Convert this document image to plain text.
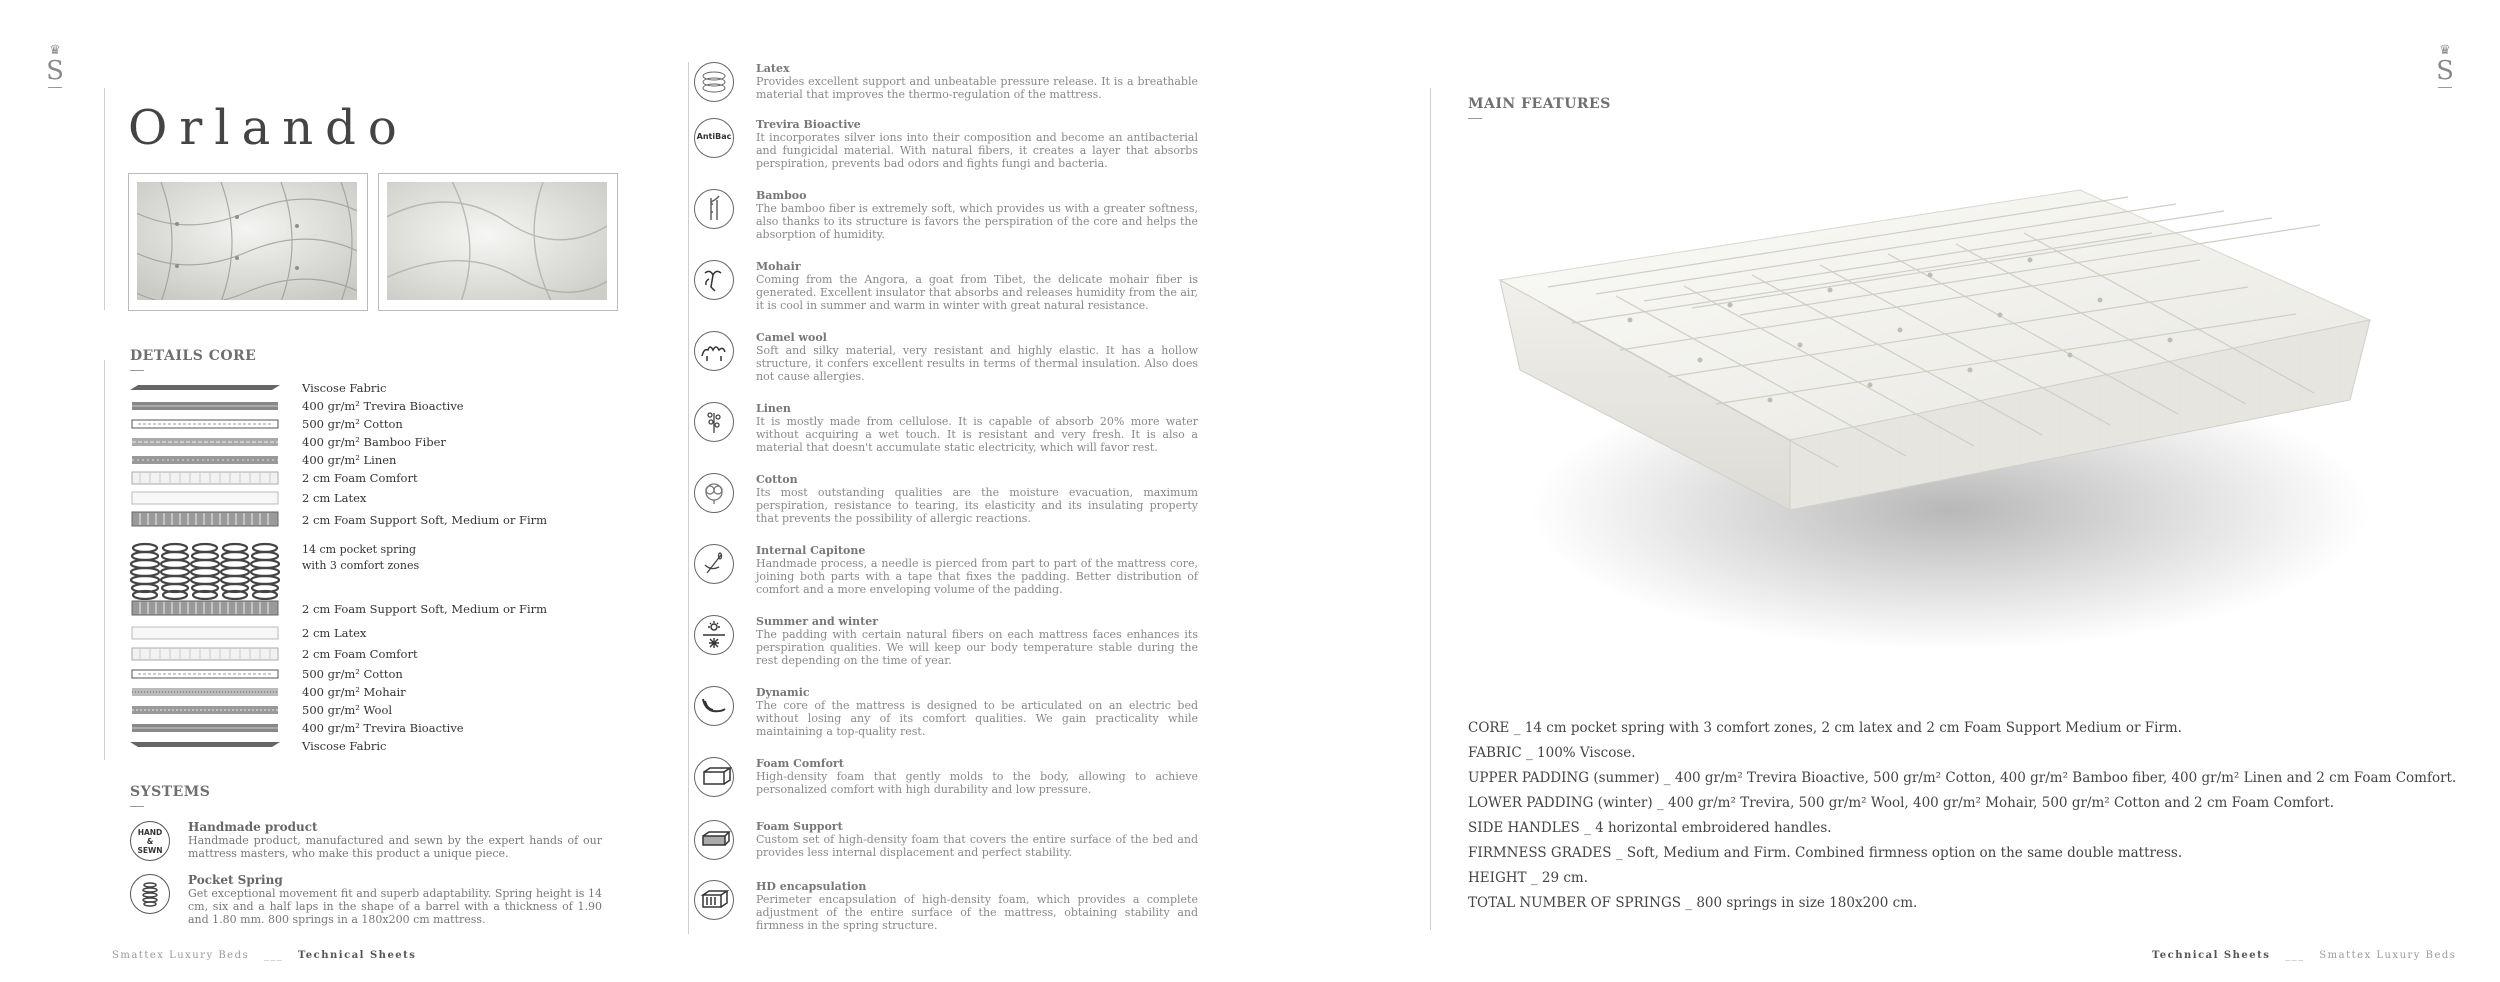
♛
S
♛
S
Orlando
DETAILS CORE
Viscose Fabric
400 gr/m² Trevira Bioactive
500 gr/m² Cotton
400 gr/m² Bamboo Fiber
400 gr/m² Linen
2 cm Foam Comfort
2 cm Latex
2 cm Foam Support Soft, Medium or Firm
14 cm pocket spring
with 3 comfort zones
2 cm Foam Support Soft, Medium or Firm
2 cm Latex
2 cm Foam Comfort
500 gr/m² Cotton
400 gr/m² Mohair
500 gr/m² Wool
400 gr/m² Trevira Bioactive
Viscose Fabric
SYSTEMS
HAND
&
SEWN
Handmade product
Handmade product, manufactured and sewn by the expert hands of our mattress masters, who make this product a unique piece.
Pocket Spring
Get exceptional movement fit and superb adaptability. Spring height is 14 cm, six and a half laps in the shape of a barrel with a thickness of 1.90 and 1.80 mm. 800 springs in a 180x200 cm mattress.
Latex
Provides excellent support and unbeatable pressure release. It is a breathable material that improves the thermo-regulation of the mattress.
AntiBac
Trevira Bioactive
It incorporates silver ions into their composition and become an antibacterial and fungicidal material. With natural fibers, it creates a layer that absorbs perspiration, prevents bad odors and fights fungi and bacteria.
Bamboo
The bamboo fiber is extremely soft, which provides us with a greater softness, also thanks to its structure is favors the perspiration of the core and helps the absorption of humidity.
Mohair
Coming from the Angora, a goat from Tibet, the delicate mohair fiber is generated. Excellent insulator that absorbs and releases humidity from the air, it is cool in summer and warm in winter with great natural resistance.
Camel wool
Soft and silky material, very resistant and highly elastic. It has a hollow structure, it confers excellent results in terms of thermal insulation. Also does not cause allergies.
Linen
It is mostly made from cellulose. It is capable of absorb 20% more water without acquiring a wet touch. It is resistant and very fresh. It is also a material that doesn't accumulate static electricity, which will favor rest.
Cotton
Its most outstanding qualities are the moisture evacuation, maximum perspiration, resistance to tearing, its elasticity and its insulating property that prevents the possibility of allergic reactions.
Internal Capitone
Handmade process, a needle is pierced from part to part of the mattress core, joining both parts with a tape that fixes the padding. Better distribution of comfort and a more enveloping volume of the padding.
Summer and winter
The padding with certain natural fibers on each mattress faces enhances its perspiration qualities. We will keep our body temperature stable during the rest depending on the time of year.
Dynamic
The core of the mattress is designed to be articulated on an electric bed without losing any of its comfort qualities. We gain practicality while maintaining a top-quality rest.
Foam Comfort
High-density foam that gently molds to the body, allowing to achieve personalized comfort with high durability and low pressure.
Foam Support
Custom set of high-density foam that covers the entire surface of the bed and provides less internal displacement and perfect stability.
HD encapsulation
Perimeter encapsulation of high-density foam, which provides a complete adjustment of the entire surface of the mattress, obtaining stability and firmness in the spring structure.
MAIN FEATURES
CORE _ 14 cm pocket spring with 3 comfort zones, 2 cm latex and 2 cm Foam Support Medium or Firm.
FABRIC _ 100% Viscose.
UPPER PADDING (summer) _ 400 gr/m² Trevira Bioactive, 500 gr/m² Cotton, 400 gr/m² Bamboo fiber, 400 gr/m² Linen and 2 cm Foam Comfort.
LOWER PADDING (winter) _ 400 gr/m² Trevira, 500 gr/m² Wool, 400 gr/m² Mohair, 500 gr/m² Cotton and 2 cm Foam Comfort.
SIDE HANDLES _ 4 horizontal embroidered handles.
FIRMNESS GRADES _ Soft, Medium and Firm. Combined firmness option on the same double mattress.
HEIGHT _ 29 cm.
TOTAL NUMBER OF SPRINGS _ 800 springs in size 180x200 cm.
Smattex Luxury Beds ___ Technical Sheets	Technical Sheets ___ Smattex Luxury Beds
